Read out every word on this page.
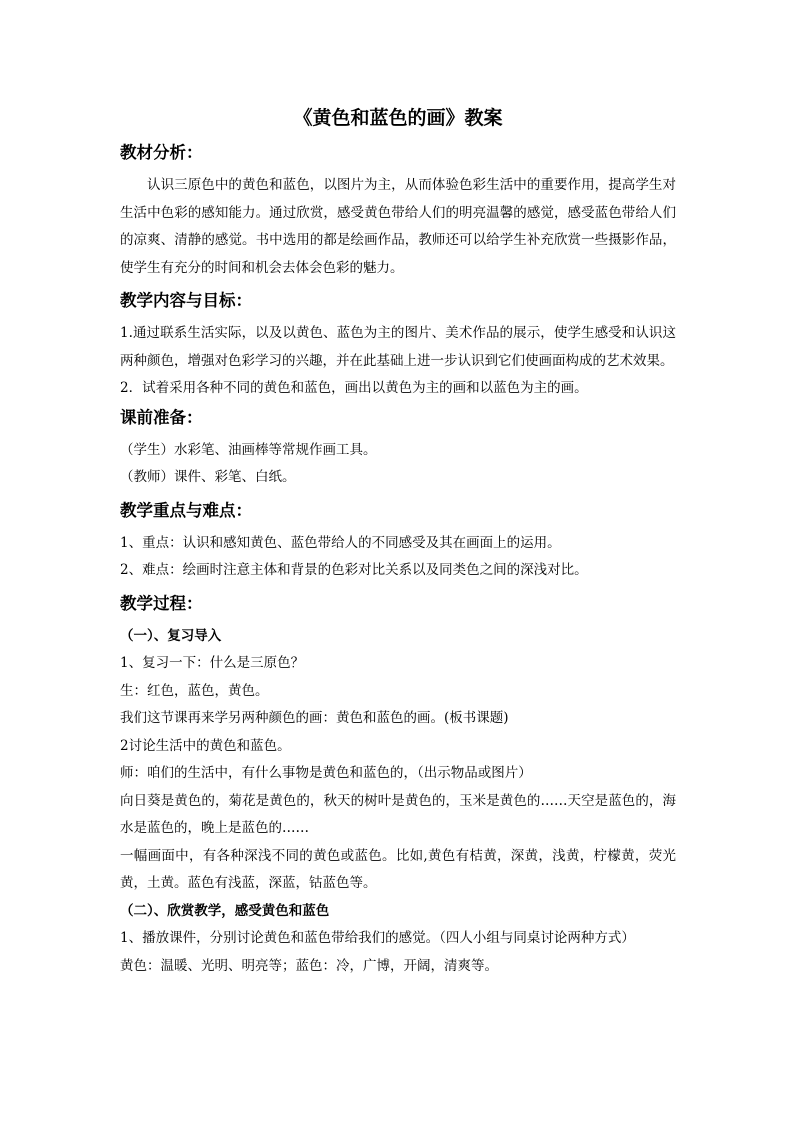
《黄色和蓝色的画》教案
教材分析：

认识三原色中的黄色和蓝色，以图片为主，从而体验色彩生活中的重要作用，提高学生对生活中色彩的感知能力。通过欣赏，感受黄色带给人们的明亮温馨的感觉，感受蓝色带给人们的凉爽、清静的感觉。书中选用的都是绘画作品，教师还可以给学生补充欣赏一些摄影作品，使学生有充分的时间和机会去体会色彩的魅力。

教学内容与目标：

1.通过联系生活实际，以及以黄色、蓝色为主的图片、美术作品的展示，使学生感受和认识这两种颜色，增强对色彩学习的兴趣，并在此基础上进一步认识到它们使画面构成的艺术效果。

2．试着采用各种不同的黄色和蓝色，画出以黄色为主的画和以蓝色为主的画。

课前准备：

（学生）水彩笔、油画棒等常规作画工具。

（教师）课件、彩笔、白纸。

教学重点与难点：

1、重点：认识和感知黄色、蓝色带给人的不同感受及其在画面上的运用。

2、难点：绘画时注意主体和背景的色彩对比关系以及同类色之间的深浅对比。

教学过程：
（一）、复习导入

1、复习一下：什么是三原色？

生：红色，蓝色，黄色。

我们这节课再来学另两种颜色的画：黄色和蓝色的画。(板书课题)

2讨论生活中的黄色和蓝色。

师：咱们的生活中，有什么事物是黄色和蓝色的，（出示物品或图片）

向日葵是黄色的，菊花是黄色的，秋天的树叶是黄色的，玉米是黄色的……天空是蓝色的，海水是蓝色的，晚上是蓝色的……

一幅画面中，有各种深浅不同的黄色或蓝色。比如,黄色有桔黄，深黄，浅黄，柠檬黄，荧光黄，土黄。蓝色有浅蓝，深蓝，钴蓝色等。

（二）、欣赏教学，感受黄色和蓝色

1、播放课件，分别讨论黄色和蓝色带给我们的感觉。（四人小组与同桌讨论两种方式）

黄色：温暖、光明、明亮等；蓝色：冷，广博，开阔，清爽等。
